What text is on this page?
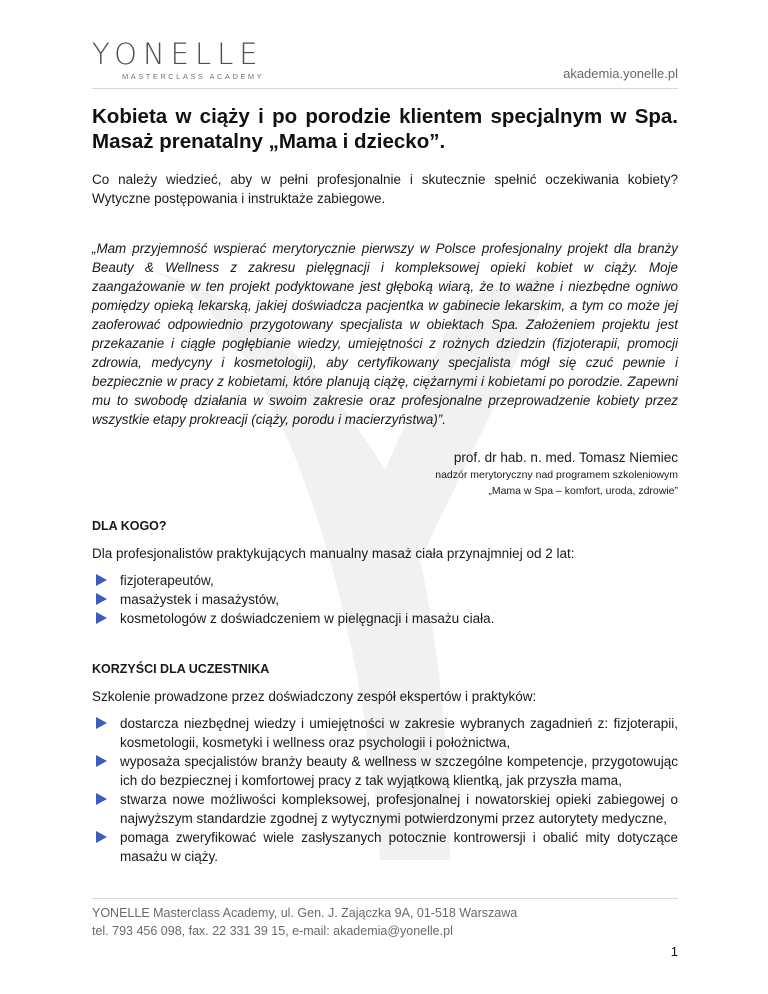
YONELLE
MASTERCLASS ACADEMY	akademia.yonelle.pl
Kobieta w ciąży i po porodzie klientem specjalnym w Spa. Masaż prenatalny „Mama i dziecko”.

Co należy wiedzieć, aby w pełni profesjonalnie i skutecznie spełnić oczekiwania kobiety? Wytyczne postępowania i instruktaże zabiegowe.

„Mam przyjemność wspierać merytorycznie pierwszy w Polsce profesjonalny projekt dla branży Beauty & Wellness z zakresu pielęgnacji i kompleksowej opieki kobiet w ciąży. Moje zaangażowanie w ten projekt podyktowane jest głęboką wiarą, że to ważne i niezbędne ogniwo pomiędzy opieką lekarską, jakiej doświadcza pacjentka w gabinecie lekarskim, a tym co może jej zaoferować odpowiednio przygotowany specjalista w obiektach Spa. Założeniem projektu jest przekazanie i ciągłe pogłębianie wiedzy, umiejętności z rożnych dziedzin (fizjoterapii, promocji zdrowia, medycyny i kosmetologii), aby certyfikowany specjalista mógł się czuć pewnie i bezpiecznie w pracy z kobietami, które planują ciążę, ciężarnymi i kobietami po porodzie. Zapewni mu to swobodę działania w swoim zakresie oraz profesjonalne przeprowadzenie kobiety przez wszystkie etapy prokreacji (ciąży, porodu i macierzyństwa)”.

prof. dr hab. n. med. Tomasz Niemiec
nadzór merytoryczny nad programem szkoleniowym
„Mama w Spa – komfort, uroda, zdrowie”
DLA KOGO?

Dla profesjonalistów praktykujących manualny masaż ciała przynajmniej od 2 lat:

fizjoterapeutów,
masażystek i masażystów,
kosmetologów z doświadczeniem w pielęgnacji i masażu ciała.
KORZYŚCI DLA UCZESTNIKA

Szkolenie prowadzone przez doświadczony zespół ekspertów i praktyków:

dostarcza niezbędnej wiedzy i umiejętności w zakresie wybranych zagadnień z: fizjoterapii, kosmetologii, kosmetyki i wellness oraz psychologii i położnictwa,
wyposaża specjalistów branży beauty & wellness w szczególne kompetencje, przygotowując ich do bezpiecznej i komfortowej pracy z tak wyjątkową klientką, jak przyszła mama,
stwarza nowe możliwości kompleksowej, profesjonalnej i nowatorskiej opieki zabiegowej o najwyższym standardzie zgodnej z wytycznymi potwierdzonymi przez autorytety medyczne,
pomaga zweryfikować wiele zasłyszanych potocznie kontrowersji i obalić mity dotyczące masażu w ciąży.
YONELLE Masterclass Academy, ul. Gen. J. Zajączka 9A, 01-518 Warszawa
tel. 793 456 098, fax. 22 331 39 15, e-mail: akademia@yonelle.pl
1
